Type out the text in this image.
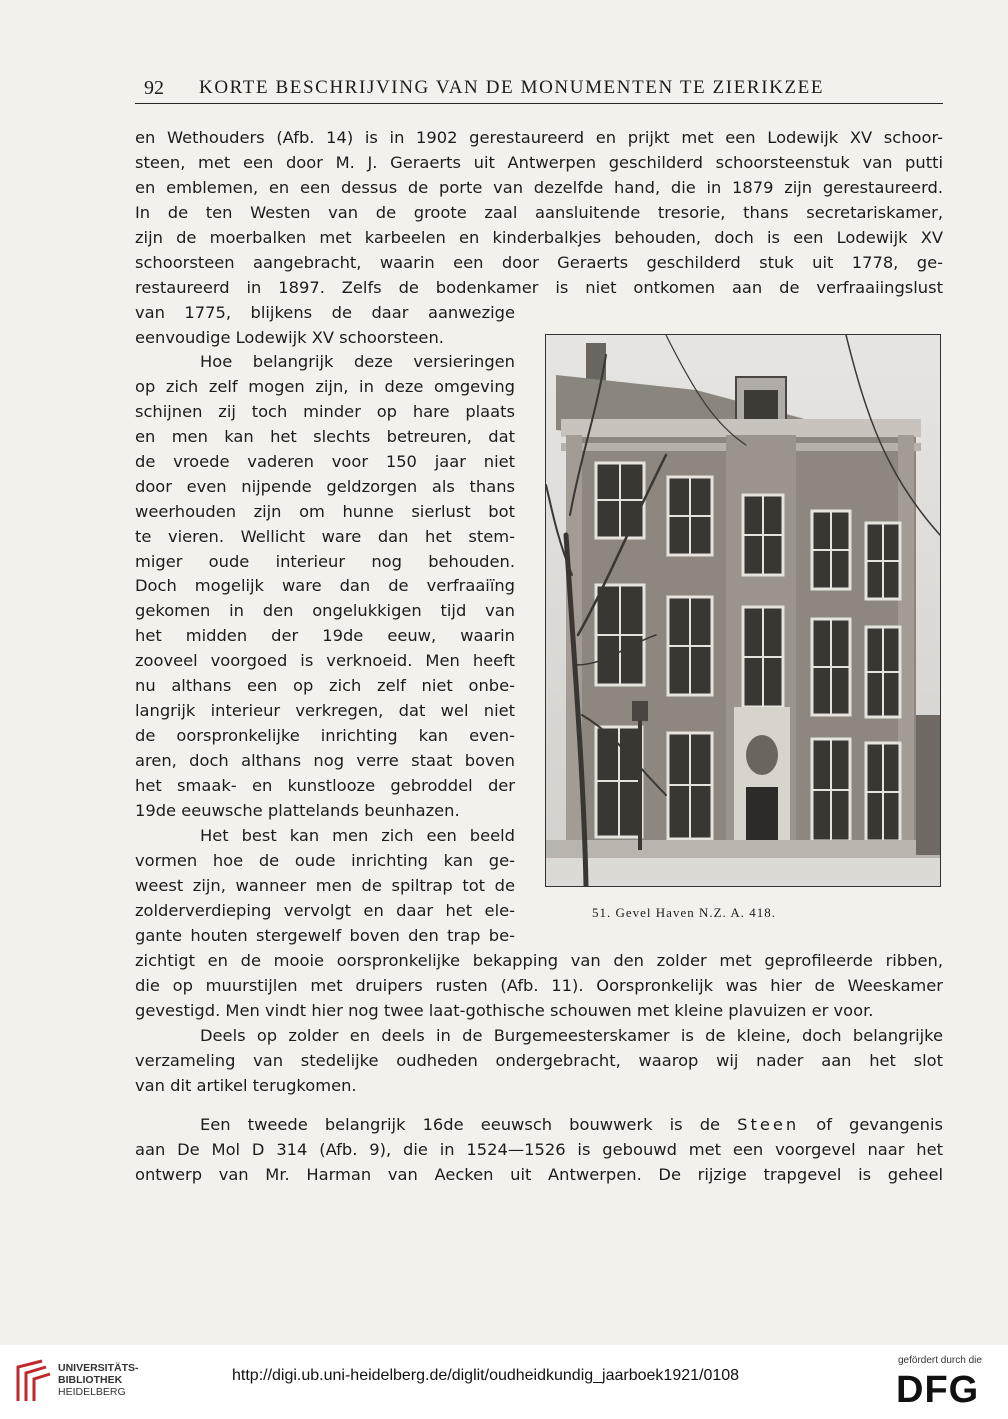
92 KORTE BESCHRIJVING VAN DE MONUMENTEN TE ZIERIKZEE
en Wethouders (Afb. 14) is in 1902 gerestaureerd en prijkt met een Lodewijk XV schoor-
steen, met een door M. J. Geraerts uit Antwerpen geschilderd schoorsteenstuk van putti
en emblemen, en een dessus de porte van dezelfde hand, die in 1879 zijn gerestaureerd.
In de ten Westen van de groote zaal aansluitende tresorie, thans secretariskamer,
zijn de moerbalken met karbeelen en kinderbalkjes behouden, doch is een Lodewijk XV
schoorsteen aangebracht, waarin een door Geraerts geschilderd stuk uit 1778, ge-
restaureerd in 1897. Zelfs de bodenkamer is niet ontkomen aan de verfraaiingslust
van 1775, blijkens de daar aanwezige
eenvoudige Lodewijk XV schoorsteen.
Hoe belangrijk deze versieringen
op zich zelf mogen zijn, in deze omgeving
schijnen zij toch minder op hare plaats
en men kan het slechts betreuren, dat
de vroede vaderen voor 150 jaar niet
door even nijpende geldzorgen als thans
weerhouden zijn om hunne sierlust bot
te vieren. Wellicht ware dan het stem-
miger oude interieur nog behouden.
Doch mogelijk ware dan de verfraaiïng
gekomen in den ongelukkigen tijd van
het midden der 19de eeuw, waarin
zooveel voorgoed is verknoeid. Men heeft
nu althans een op zich zelf niet onbe-
langrijk interieur verkregen, dat wel niet
de oorspronkelijke inrichting kan even-
aren, doch althans nog verre staat boven
het smaak- en kunstlooze gebroddel der
19de eeuwsche plattelands beunhazen.
Het best kan men zich een beeld
vormen hoe de oude inrichting kan ge-
weest zijn, wanneer men de spiltrap tot de
zolderverdieping vervolgt en daar het ele-
gante houten stergewelf boven den trap be-
zichtigt en de mooie oorspronkelijke bekapping van den zolder met geprofileerde ribben,
die op muurstijlen met druipers rusten (Afb. 11). Oorspronkelijk was hier de Weeskamer
gevestigd. Men vindt hier nog twee laat-gothische schouwen met kleine plavuizen er voor.
Deels op zolder en deels in de Burgemeesterskamer is de kleine, doch belangrijke
verzameling van stedelijke oudheden ondergebracht, waarop wij nader aan het slot
van dit artikel terugkomen.
Een tweede belangrijk 16de eeuwsch bouwwerk is de Steen of gevangenis
aan De Mol D 314 (Afb. 9), die in 1524—1526 is gebouwd met een voorgevel naar het
ontwerp van Mr. Harman van Aecken uit Antwerpen. De rijzige trapgevel is geheel
51. Gevel Haven N.Z. A. 418.
UNIVERSITÄTS-
BIBLIOTHEK
HEIDELBERG
http://digi.ub.uni-heidelberg.de/diglit/oudheidkundig_jaarboek1921/0108
gefördert durch die
DFG
